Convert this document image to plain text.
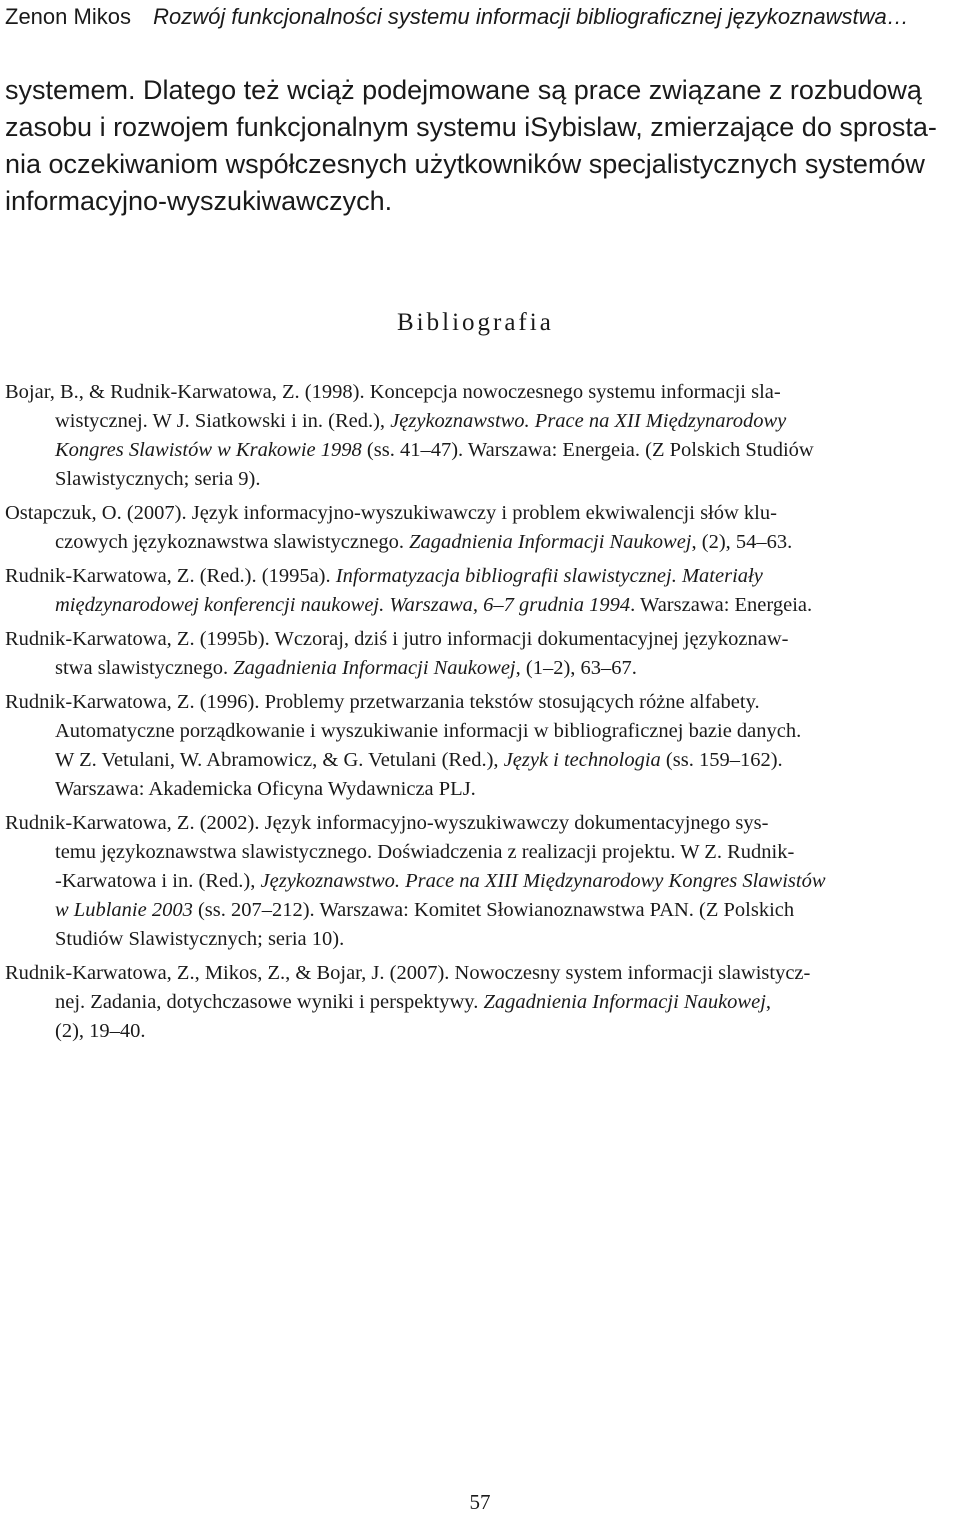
Zenon Mikos Rozwój funkcjonalności systemu informacji bibliograficznej językoznawstwa…
systemem. Dlatego też wciąż podejmowane są prace związane z rozbudową
zasobu i rozwojem funkcjonalnym systemu iSybislaw, zmierzające do sprosta-
nia oczekiwaniom współczesnych użytkowników specjalistycznych systemów
informacyjno-wyszukiwawczych.
Bibliografia
Bojar, B., & Rudnik-Karwatowa, Z. (1998). Koncepcja nowoczesnego systemu informacji sla-
wistycznej. W J. Siatkowski i in. (Red.), Językoznawstwo. Prace na XII Międzynarodowy
Kongres Slawistów w Krakowie 1998 (ss. 41–47). Warszawa: Energeia. (Z Polskich Studiów
Slawistycznych; seria 9).
Ostapczuk, O. (2007). Język informacyjno-wyszukiwawczy i problem ekwiwalencji słów klu-
czowych językoznawstwa slawistycznego. Zagadnienia Informacji Naukowej, (2), 54–63.
Rudnik-Karwatowa, Z. (Red.). (1995a). Informatyzacja bibliografii slawistycznej. Materiały
międzynarodowej konferencji naukowej. Warszawa, 6–7 grudnia 1994. Warszawa: Energeia.
Rudnik-Karwatowa, Z. (1995b). Wczoraj, dziś i jutro informacji dokumentacyjnej językoznaw-
stwa slawistycznego. Zagadnienia Informacji Naukowej, (1–2), 63–67.
Rudnik-Karwatowa, Z. (1996). Problemy przetwarzania tekstów stosujących różne alfabety.
Automatyczne porządkowanie i wyszukiwanie informacji w bibliograficznej bazie danych.
W Z. Vetulani, W. Abramowicz, & G. Vetulani (Red.), Język i technologia (ss. 159–162).
Warszawa: Akademicka Oficyna Wydawnicza PLJ.
Rudnik-Karwatowa, Z. (2002). Język informacyjno-wyszukiwawczy dokumentacyjnego sys-
temu językoznawstwa slawistycznego. Doświadczenia z realizacji projektu. W Z. Rudnik-
-Karwatowa i in. (Red.), Językoznawstwo. Prace na XIII Międzynarodowy Kongres Slawistów
w Lublanie 2003 (ss. 207–212). Warszawa: Komitet Słowianoznawstwa PAN. (Z Polskich
Studiów Slawistycznych; seria 10).
Rudnik-Karwatowa, Z., Mikos, Z., & Bojar, J. (2007). Nowoczesny system informacji slawistycz-
nej. Zadania, dotychczasowe wyniki i perspektywy. Zagadnienia Informacji Naukowej,
(2), 19–40.
57
